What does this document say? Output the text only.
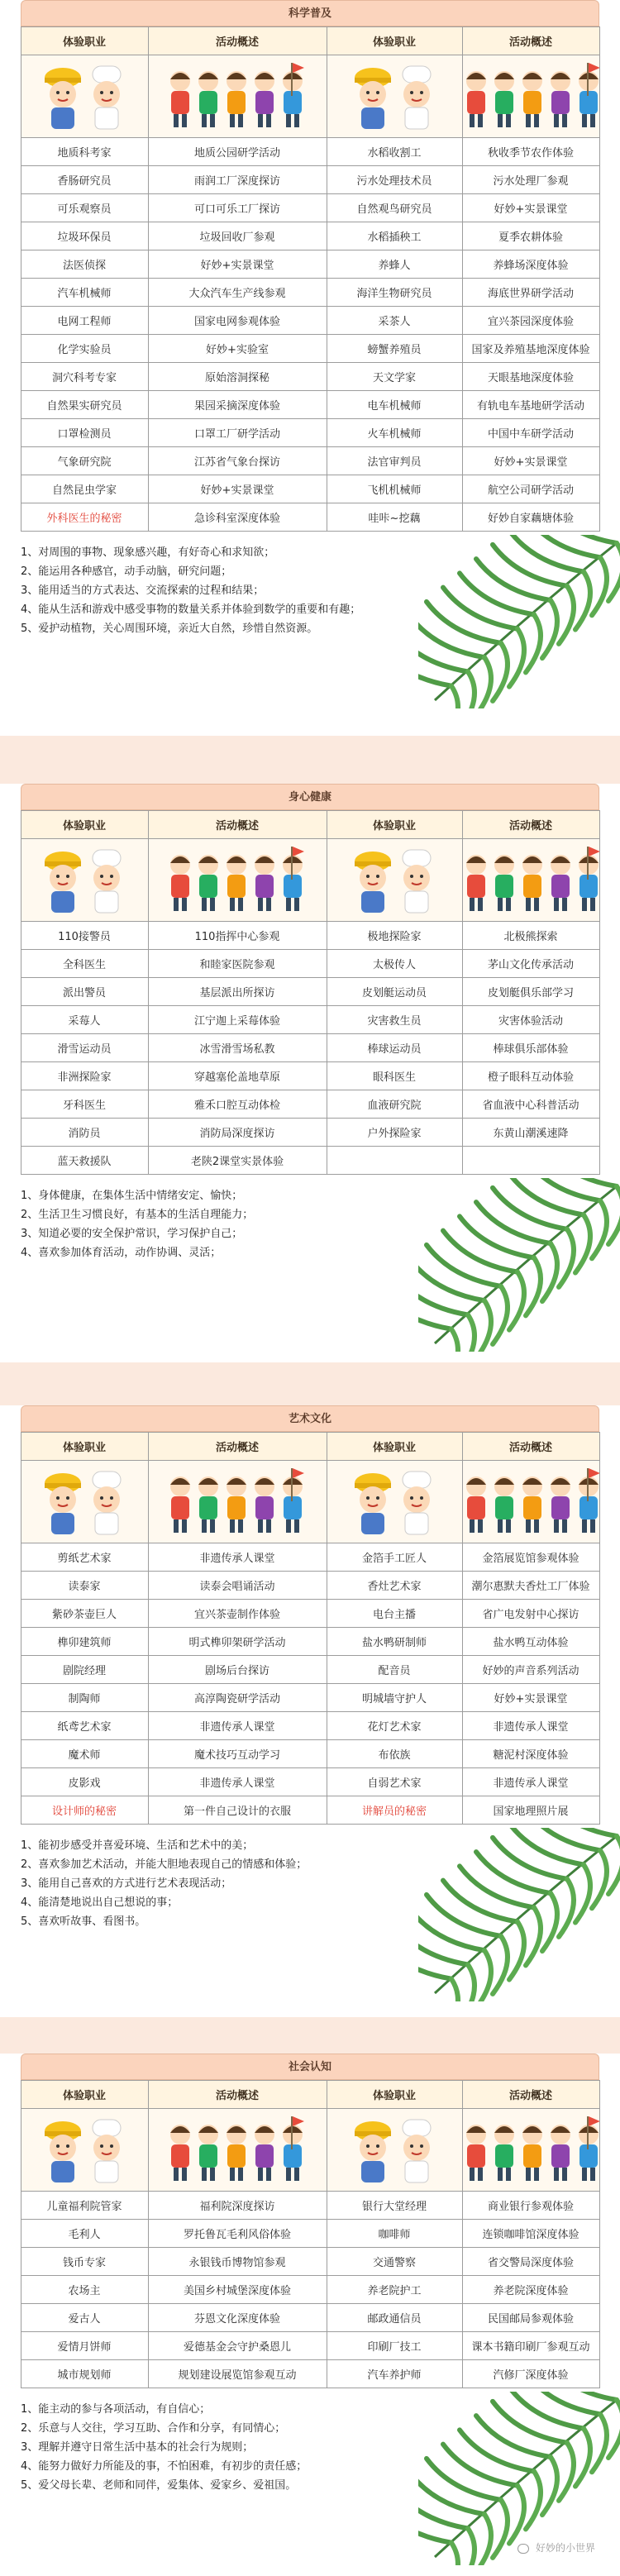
科学普及
体验职业	活动概述	体验职业	活动概述

地质科考家	地质公园研学活动	水稻收割工	秋收季节农作体验
香肠研究员	雨润工厂深度探访	污水处理技术员	污水处理厂参观
可乐观察员	可口可乐工厂探访	自然观鸟研究员	好妙+实景课堂
垃圾环保员	垃圾回收厂参观	水稻插秧工	夏季农耕体验
法医侦探	好妙+实景课堂	养蜂人	养蜂场深度体验
汽车机械师	大众汽车生产线参观	海洋生物研究员	海底世界研学活动
电网工程师	国家电网参观体验	采茶人	宜兴茶园深度体验
化学实验员	好妙+实验室	螃蟹养殖员	国家及养殖基地深度体验
洞穴科考专家	原始溶洞探秘	天文学家	天眼基地深度体验
自然果实研究员	果园采摘深度体验	电车机械师	有轨电车基地研学活动
口罩检测员	口罩工厂研学活动	火车机械师	中国中车研学活动
气象研究院	江苏省气象台探访	法官审判员	好妙+实景课堂
自然昆虫学家	好妙+实景课堂	飞机机械师	航空公司研学活动
外科医生的秘密	急诊科室深度体验	哇咔~挖藕	好妙自家藕塘体验
1、对周围的事物、现象感兴趣，有好奇心和求知欲；
2、能运用各种感官，动手动脑，研究问题；
3、能用适当的方式表达、交流探索的过程和结果；
4、能从生活和游戏中感受事物的数量关系并体验到数学的重要和有趣；
5、爱护动植物，关心周围环境，亲近大自然，珍惜自然资源。
身心健康
体验职业	活动概述	体验职业	活动概述

110接警员	110指挥中心参观	极地探险家	北极熊探索
全科医生	和睦家医院参观	太极传人	茅山文化传承活动
派出警员	基层派出所探访	皮划艇运动员	皮划艇俱乐部学习
采莓人	江宁迦上采莓体验	灾害救生员	灾害体验活动
滑雪运动员	冰雪滑雪场私教	棒球运动员	棒球俱乐部体验
非洲探险家	穿越塞伦盖地草原	眼科医生	橙子眼科互动体验
牙科医生	雅禾口腔互动体检	血液研究院	省血液中心科普活动
消防员	消防局深度探访	户外探险家	东黄山潮溪速降
蓝天救援队	老陕2课堂实景体验		
1、身体健康，在集体生活中情绪安定、愉快；
2、生活卫生习惯良好，有基本的生活自理能力；
3、知道必要的安全保护常识，学习保护自己；
4、喜欢参加体育活动，动作协调、灵活；
艺术文化
体验职业	活动概述	体验职业	活动概述

剪纸艺术家	非遗传承人课堂	金箔手工匠人	金箔展览馆参观体验
读泰家	读泰会唱诵活动	香灶艺术家	潮尔惠默夫香灶工厂体验
紫砂茶壶巨人	宜兴茶壶制作体验	电台主播	省广电发射中心探访
榫卯建筑师	明式榫卯架研学活动	盐水鸭研制师	盐水鸭互动体验
剧院经理	剧场后台探访	配音员	好妙的声音系列活动
制陶师	高淳陶瓷研学活动	明城墙守护人	好妙+实景课堂
纸鸢艺术家	非遗传承人课堂	花灯艺术家	非遗传承人课堂
魔术师	魔术技巧互动学习	布依族	糖泥村深度体验
皮影戏	非遗传承人课堂	自弱艺术家	非遗传承人课堂
设计师的秘密	第一件自己设计的衣服	讲解员的秘密	国家地理照片展
1、能初步感受并喜爱环境、生活和艺术中的美；
2、喜欢参加艺术活动，并能大胆地表现自己的情感和体验；
3、能用自己喜欢的方式进行艺术表现活动；
4、能清楚地说出自己想说的事；
5、喜欢听故事、看图书。
社会认知
体验职业	活动概述	体验职业	活动概述

儿童福利院管家	福利院深度探访	银行大堂经理	商业银行参观体验
毛利人	罗托鲁瓦毛利风俗体验	咖啡师	连锁咖啡馆深度体验
钱币专家	永银钱币博物馆参观	交通警察	省交警局深度体验
农场主	美国乡村城堡深度体验	养老院护工	养老院深度体验
爱古人	芬恩文化深度体验	邮政通信员	民国邮局参观体验
爱情月饼师	爱德基金会守护桑恩儿	印刷厂技工	课本书籍印刷厂参观互动
城市规划师	规划建设展览馆参观互动	汽车养护师	汽修厂深度体验
1、能主动的参与各项活动，有自信心；
2、乐意与人交往，学习互助、合作和分享，有同情心；
3、理解并遵守日常生活中基本的社会行为规则；
4、能努力做好力所能及的事，不怕困难，有初步的责任感；
5、爱父母长辈、老师和同伴，爱集体、爱家乡、爱祖国。
好妙的小世界
